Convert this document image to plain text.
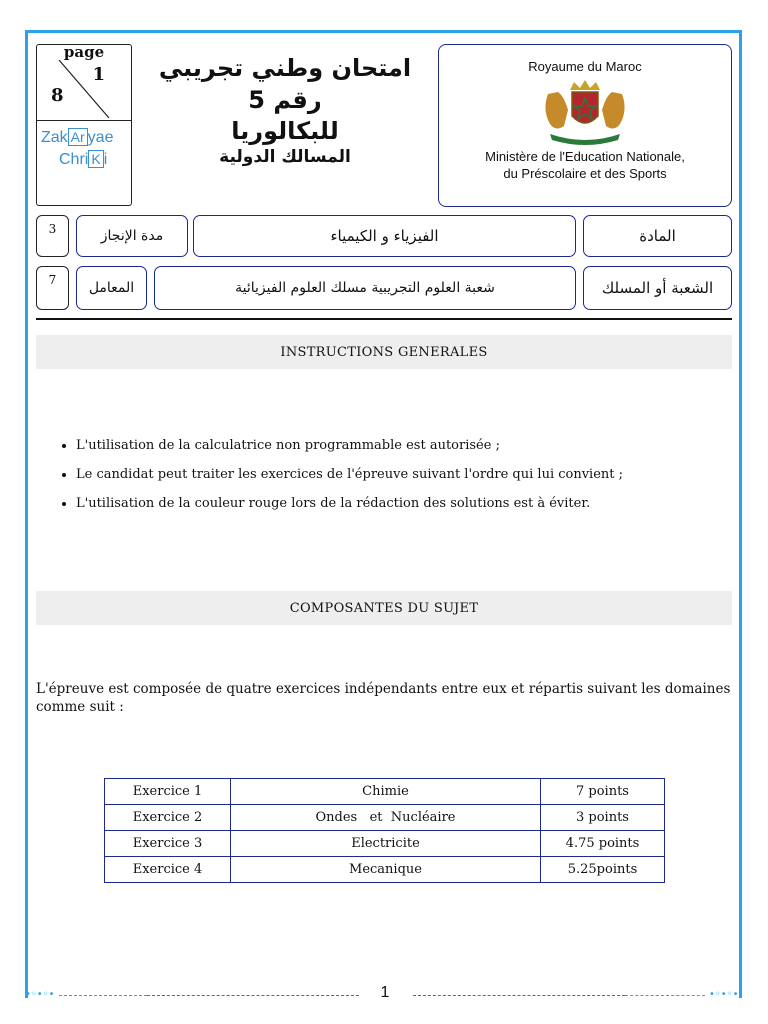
page
1
8
Zak Ar yae
Chri K i
امتحان وطني تجريبي رقم 5
للبكالوريا
المسالك الدولية
Royaume du Maroc
Ministère de l'Education Nationale,
du Préscolaire et des Sports
3	مدة الإنجاز	الفيزياء و الكيمياء	المادة
7	المعامل	شعبة العلوم التجريبية مسلك العلوم الفيزيائية	الشعبة أو المسلك
INSTRUCTIONS GENERALES
• L'utilisation de la calculatrice non programmable est autorisée ;
• Le candidat peut traiter les exercices de l'épreuve suivant l'ordre qui lui convient ;
• L'utilisation de la couleur rouge lors de la rédaction des solutions est à éviter.
COMPOSANTES DU SUJET
L'épreuve est composée de quatre exercices indépendants entre eux et répartis suivant les domaines comme suit :
Exercice 1	Chimie	7 points
Exercice 2	Ondes   et  Nucléaire	3 points
Exercice 3	Electricite	4.75 points
Exercice 4	Mecanique	5.25points
•◦•◦•	1	•◦•◦•
